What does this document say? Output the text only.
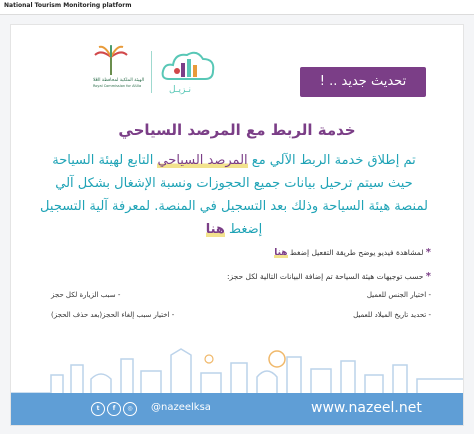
National Tourism Monitoring platform
الهيئة الملكية لمحافظة العُلا
Royal Commission for AlUla	نـزيـل
تحديث جديد .. !
خدمة الربط مع المرصد السياحي
تم إطلاق خدمة الربط الآلي مع المرصد السياحي التابع لهيئة السياحة حيث سيتم ترحيل بيانات جميع الحجوزات ونسبة الإشغال بشكل آلي لمنصة هيئة السياحة وذلك بعد التسجيل في المنصة. لمعرفة آلية التسجيل إضغط هنا
* لمشاهدة فيديو يوضح طريقة التفعيل إضغط هنا
* حسب توجيهات هيئة السياحة تم إضافة البيانات التالية لكل حجز:
- اختيار الجنس للعميل
- سبب الزيارة لكل حجز
- تحديد تاريخ الميلاد للعميل
- اختيار سبب إلغاء الحجز(بعد حذف الحجز)
t	f	◎	@nazeelksa	www.nazeel.net
